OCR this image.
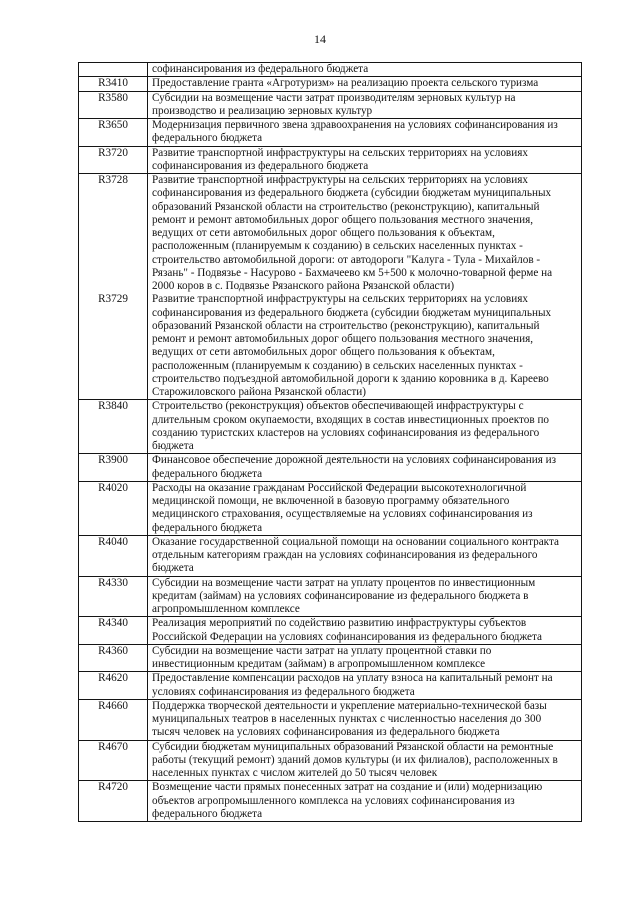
14
софинансирования из федерального бюджета
R3410	Предоставление гранта «Агротуризм» на реализацию проекта сельского туризма
R3580	Субсидии на возмещение части затрат производителям зерновых культур на
производство и реализацию зерновых культур
R3650	Модернизация первичного звена здравоохранения на условиях софинансирования из
федерального бюджета
R3720	Развитие транспортной инфраструктуры на сельских территориях на условиях
софинансирования из федерального бюджета
R3728	Развитие транспортной инфраструктуры на сельских территориях на условиях
софинансирования из федерального бюджета (субсидии бюджетам муниципальных
образований Рязанской области на строительство (реконструкцию), капитальный
ремонт и ремонт автомобильных дорог общего пользования местного значения,
ведущих от сети автомобильных дорог общего пользования к объектам,
расположенным (планируемым к созданию) в сельских населенных пунктах -
строительство автомобильной дороги: от автодороги "Калуга - Тула - Михайлов -
Рязань" - Подвязье - Насурово - Бахмачеево км 5+500 к молочно-товарной ферме на
2000 коров в с. Подвязье Рязанского района Рязанской области)
R3729	Развитие транспортной инфраструктуры на сельских территориях на условиях
софинансирования из федерального бюджета (субсидии бюджетам муниципальных
образований Рязанской области на строительство (реконструкцию), капитальный
ремонт и ремонт автомобильных дорог общего пользования местного значения,
ведущих от сети автомобильных дорог общего пользования к объектам,
расположенным (планируемым к созданию) в сельских населенных пунктах -
строительство подъездной автомобильной дороги к зданию коровника в д. Кареево
Старожиловского района Рязанской области)
R3840	Строительство (реконструкция) объектов обеспечивающей инфраструктуры с
длительным сроком окупаемости, входящих в состав инвестиционных проектов по
созданию туристских кластеров на условиях софинансирования из федерального
бюджета
R3900	Финансовое обеспечение дорожной деятельности на условиях софинансирования из
федерального бюджета
R4020	Расходы на оказание гражданам Российской Федерации высокотехнологичной
медицинской помощи, не включенной в базовую программу обязательного
медицинского страхования, осуществляемые на условиях софинансирования из
федерального бюджета
R4040	Оказание государственной социальной помощи на основании социального контракта
отдельным категориям граждан на условиях софинансирования из федерального
бюджета
R4330	Субсидии на возмещение части затрат на уплату процентов по инвестиционным
кредитам (займам) на условиях софинансирование из федерального бюджета в
агропромышленном комплексе
R4340	Реализация мероприятий по содействию развитию инфраструктуры субъектов
Российской Федерации на условиях софинансирования из федерального бюджета
R4360	Субсидии на возмещение части затрат на уплату процентной ставки по
инвестиционным кредитам (займам) в агропромышленном комплексе
R4620	Предоставление компенсации расходов на уплату взноса на капитальный ремонт на
условиях софинансирования из федерального бюджета
R4660	Поддержка творческой деятельности и укрепление материально-технической базы
муниципальных театров в населенных пунктах с численностью населения до 300
тысяч человек на условиях софинансирования из федерального бюджета
R4670	Субсидии бюджетам муниципальных образований Рязанской области на ремонтные
работы (текущий ремонт) зданий домов культуры (и их филиалов), расположенных в
населенных пунктах с числом жителей до 50 тысяч человек
R4720	Возмещение части прямых понесенных затрат на создание и (или) модернизацию
объектов агропромышленного комплекса на условиях софинансирования из
федерального бюджета
